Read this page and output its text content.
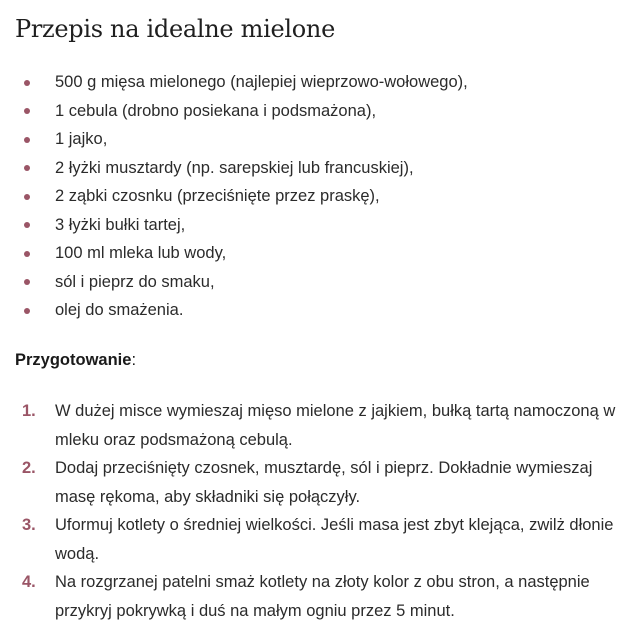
Przepis na idealne mielone
500 g mięsa mielonego (najlepiej wieprzowo-wołowego),
1 cebula (drobno posiekana i podsmażona),
1 jajko,
2 łyżki musztardy (np. sarepskiej lub francuskiej),
2 ząbki czosnku (przeciśnięte przez praskę),
3 łyżki bułki tartej,
100 ml mleka lub wody,
sól i pieprz do smaku,
olej do smażenia.

Przygotowanie:

1. W dużej misce wymieszaj mięso mielone z jajkiem, bułką tartą namoczoną w mleku oraz podsmażoną cebulą.
2. Dodaj przeciśnięty czosnek, musztardę, sól i pieprz. Dokładnie wymieszaj masę rękoma, aby składniki się połączyły.
3. Uformuj kotlety o średniej wielkości. Jeśli masa jest zbyt klejąca, zwilż dłonie wodą.
4. Na rozgrzanej patelni smaż kotlety na złoty kolor z obu stron, a następnie przykryj pokrywką i duś na małym ogniu przez 5 minut.
